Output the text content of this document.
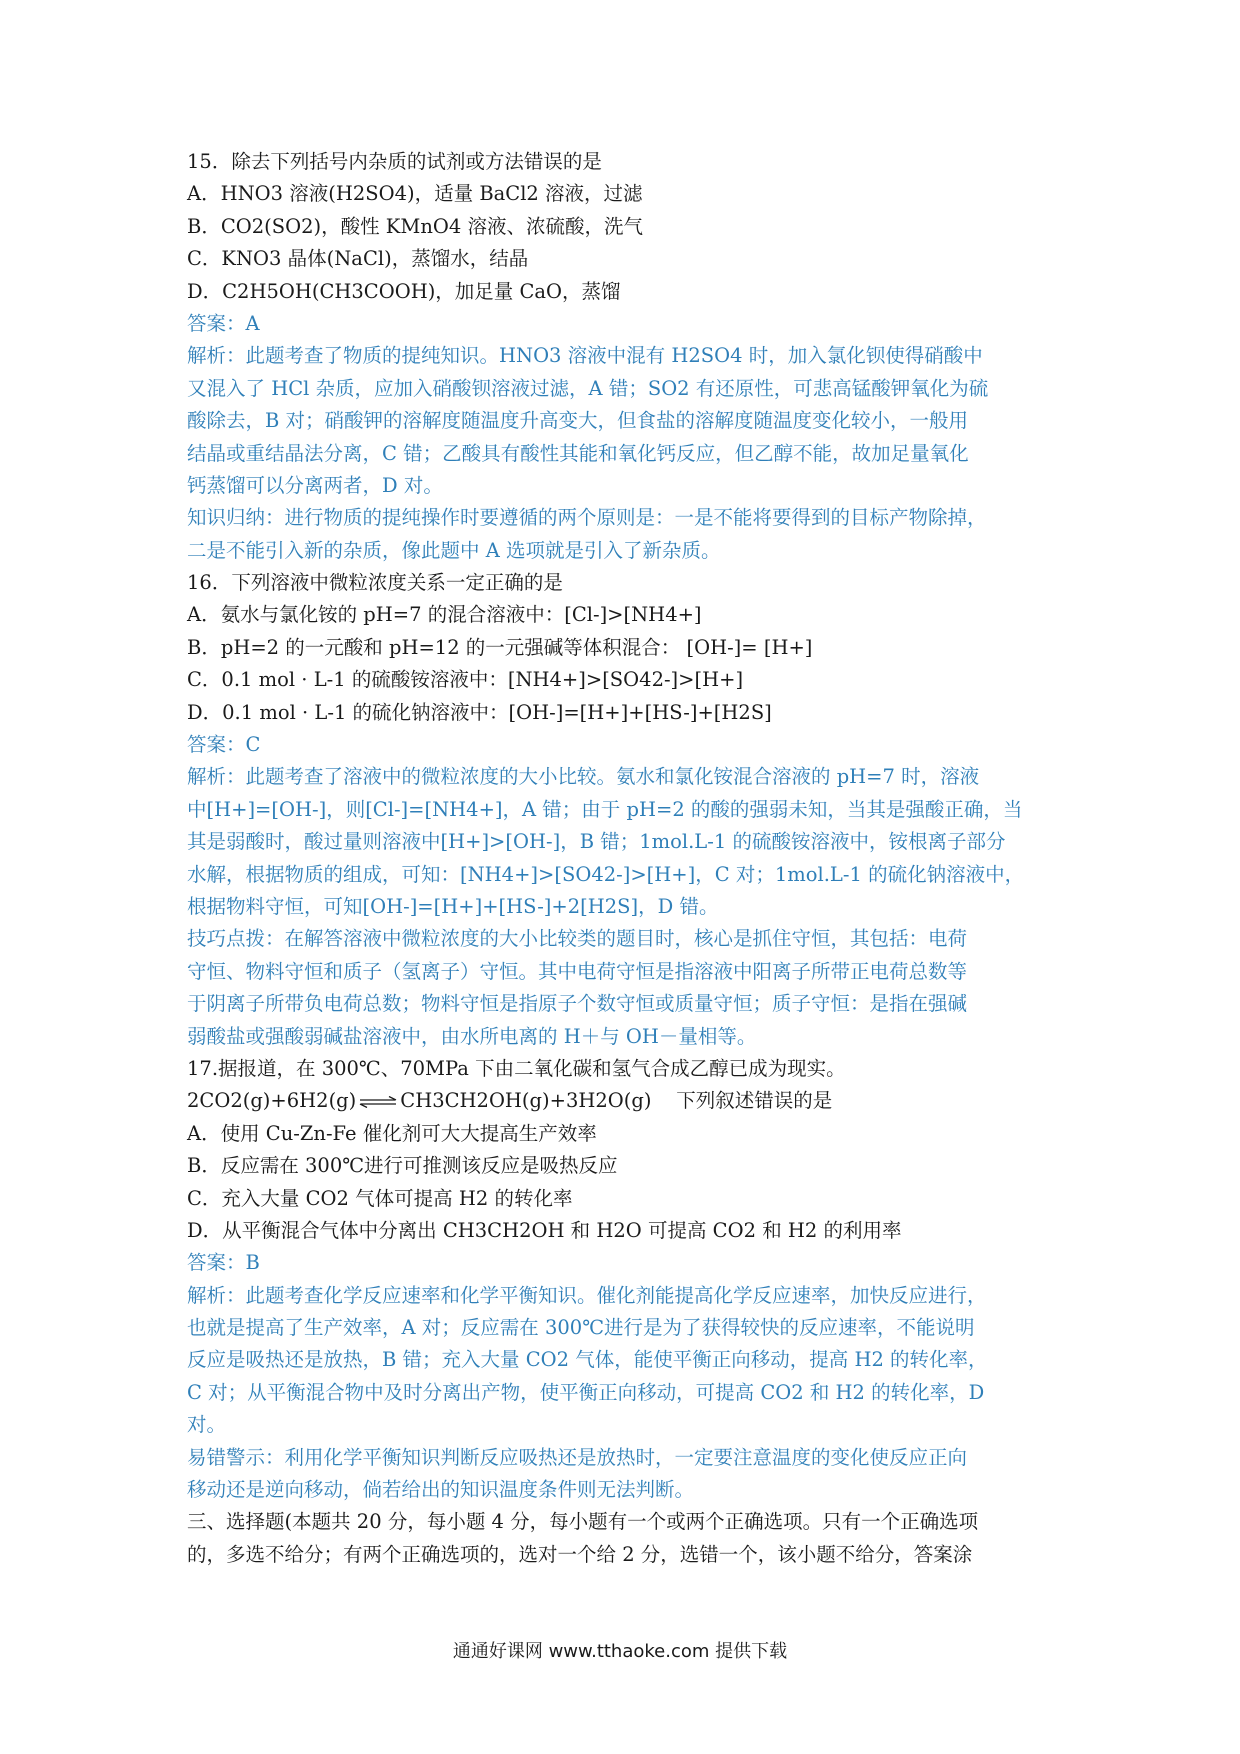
15．除去下列括号内杂质的试剂或方法错误的是
A．HNO3 溶液(H2SO4)，适量 BaCl2 溶液，过滤
B．CO2(SO2)，酸性 KMnO4 溶液、浓硫酸，洗气
C．KNO3 晶体(NaCl)，蒸馏水，结晶
D．C2H5OH(CH3COOH)，加足量 CaO，蒸馏
答案：A
解析：此题考查了物质的提纯知识。HNO3 溶液中混有 H2SO4 时，加入氯化钡使得硝酸中
又混入了 HCl 杂质，应加入硝酸钡溶液过滤，A 错；SO2 有还原性，可悲高锰酸钾氧化为硫
酸除去，B 对；硝酸钾的溶解度随温度升高变大，但食盐的溶解度随温度变化较小，一般用
结晶或重结晶法分离，C 错；乙酸具有酸性其能和氧化钙反应，但乙醇不能，故加足量氧化
钙蒸馏可以分离两者，D 对。
知识归纳：进行物质的提纯操作时要遵循的两个原则是：一是不能将要得到的目标产物除掉，
二是不能引入新的杂质，像此题中 A 选项就是引入了新杂质。
16．下列溶液中微粒浓度关系一定正确的是
A．氨水与氯化铵的 pH=7 的混合溶液中：[Cl-]>[NH4+]
B．pH=2 的一元酸和 pH=12 的一元强碱等体积混合： [OH-]= [H+]
C．0.1 mol · L-1 的硫酸铵溶液中：[NH4+]>[SO42-]>[H+]
D．0.1 mol · L-1 的硫化钠溶液中：[OH-]=[H+]+[HS-]+[H2S]
答案：C
解析：此题考查了溶液中的微粒浓度的大小比较。氨水和氯化铵混合溶液的 pH=7 时，溶液
中[H+]=[OH-]，则[Cl-]=[NH4+]，A 错；由于 pH=2 的酸的强弱未知，当其是强酸正确，当
其是弱酸时，酸过量则溶液中[H+]>[OH-]，B 错；1mol.L-1 的硫酸铵溶液中，铵根离子部分
水解，根据物质的组成，可知：[NH4+]>[SO42-]>[H+]，C 对；1mol.L-1 的硫化钠溶液中，
根据物料守恒，可知[OH-]=[H+]+[HS-]+2[H2S]，D 错。
技巧点拨：在解答溶液中微粒浓度的大小比较类的题目时，核心是抓住守恒，其包括：电荷
守恒、物料守恒和质子（氢离子）守恒。其中电荷守恒是指溶液中阳离子所带正电荷总数等
于阴离子所带负电荷总数；物料守恒是指原子个数守恒或质量守恒；质子守恒：是指在强碱
弱酸盐或强酸弱碱盐溶液中，由水所电离的 H＋与 OH－量相等。
17.据报道，在 300℃、70MPa 下由二氧化碳和氢气合成乙醇已成为现实。
2CO2(g)+6H2(g) ⇌ CH3CH2OH(g)+3H2O(g) 下列叙述错误的是
A．使用 Cu-Zn-Fe 催化剂可大大提高生产效率
B．反应需在 300℃进行可推测该反应是吸热反应
C．充入大量 CO2 气体可提高 H2 的转化率
D．从平衡混合气体中分离出 CH3CH2OH 和 H2O 可提高 CO2 和 H2 的利用率
答案：B
解析：此题考查化学反应速率和化学平衡知识。催化剂能提高化学反应速率，加快反应进行，
也就是提高了生产效率，A 对；反应需在 300℃进行是为了获得较快的反应速率，不能说明
反应是吸热还是放热，B 错；充入大量 CO2 气体，能使平衡正向移动，提高 H2 的转化率，
C 对；从平衡混合物中及时分离出产物，使平衡正向移动，可提高 CO2 和 H2 的转化率，D
对。
易错警示：利用化学平衡知识判断反应吸热还是放热时，一定要注意温度的变化使反应正向
移动还是逆向移动，倘若给出的知识温度条件则无法判断。
三、选择题(本题共 20 分，每小题 4 分，每小题有一个或两个正确选项。只有一个正确选项
的，多选不给分；有两个正确选项的，选对一个给 2 分，选错一个，该小题不给分，答案涂
通通好课网 www.tthaoke.com 提供下载
